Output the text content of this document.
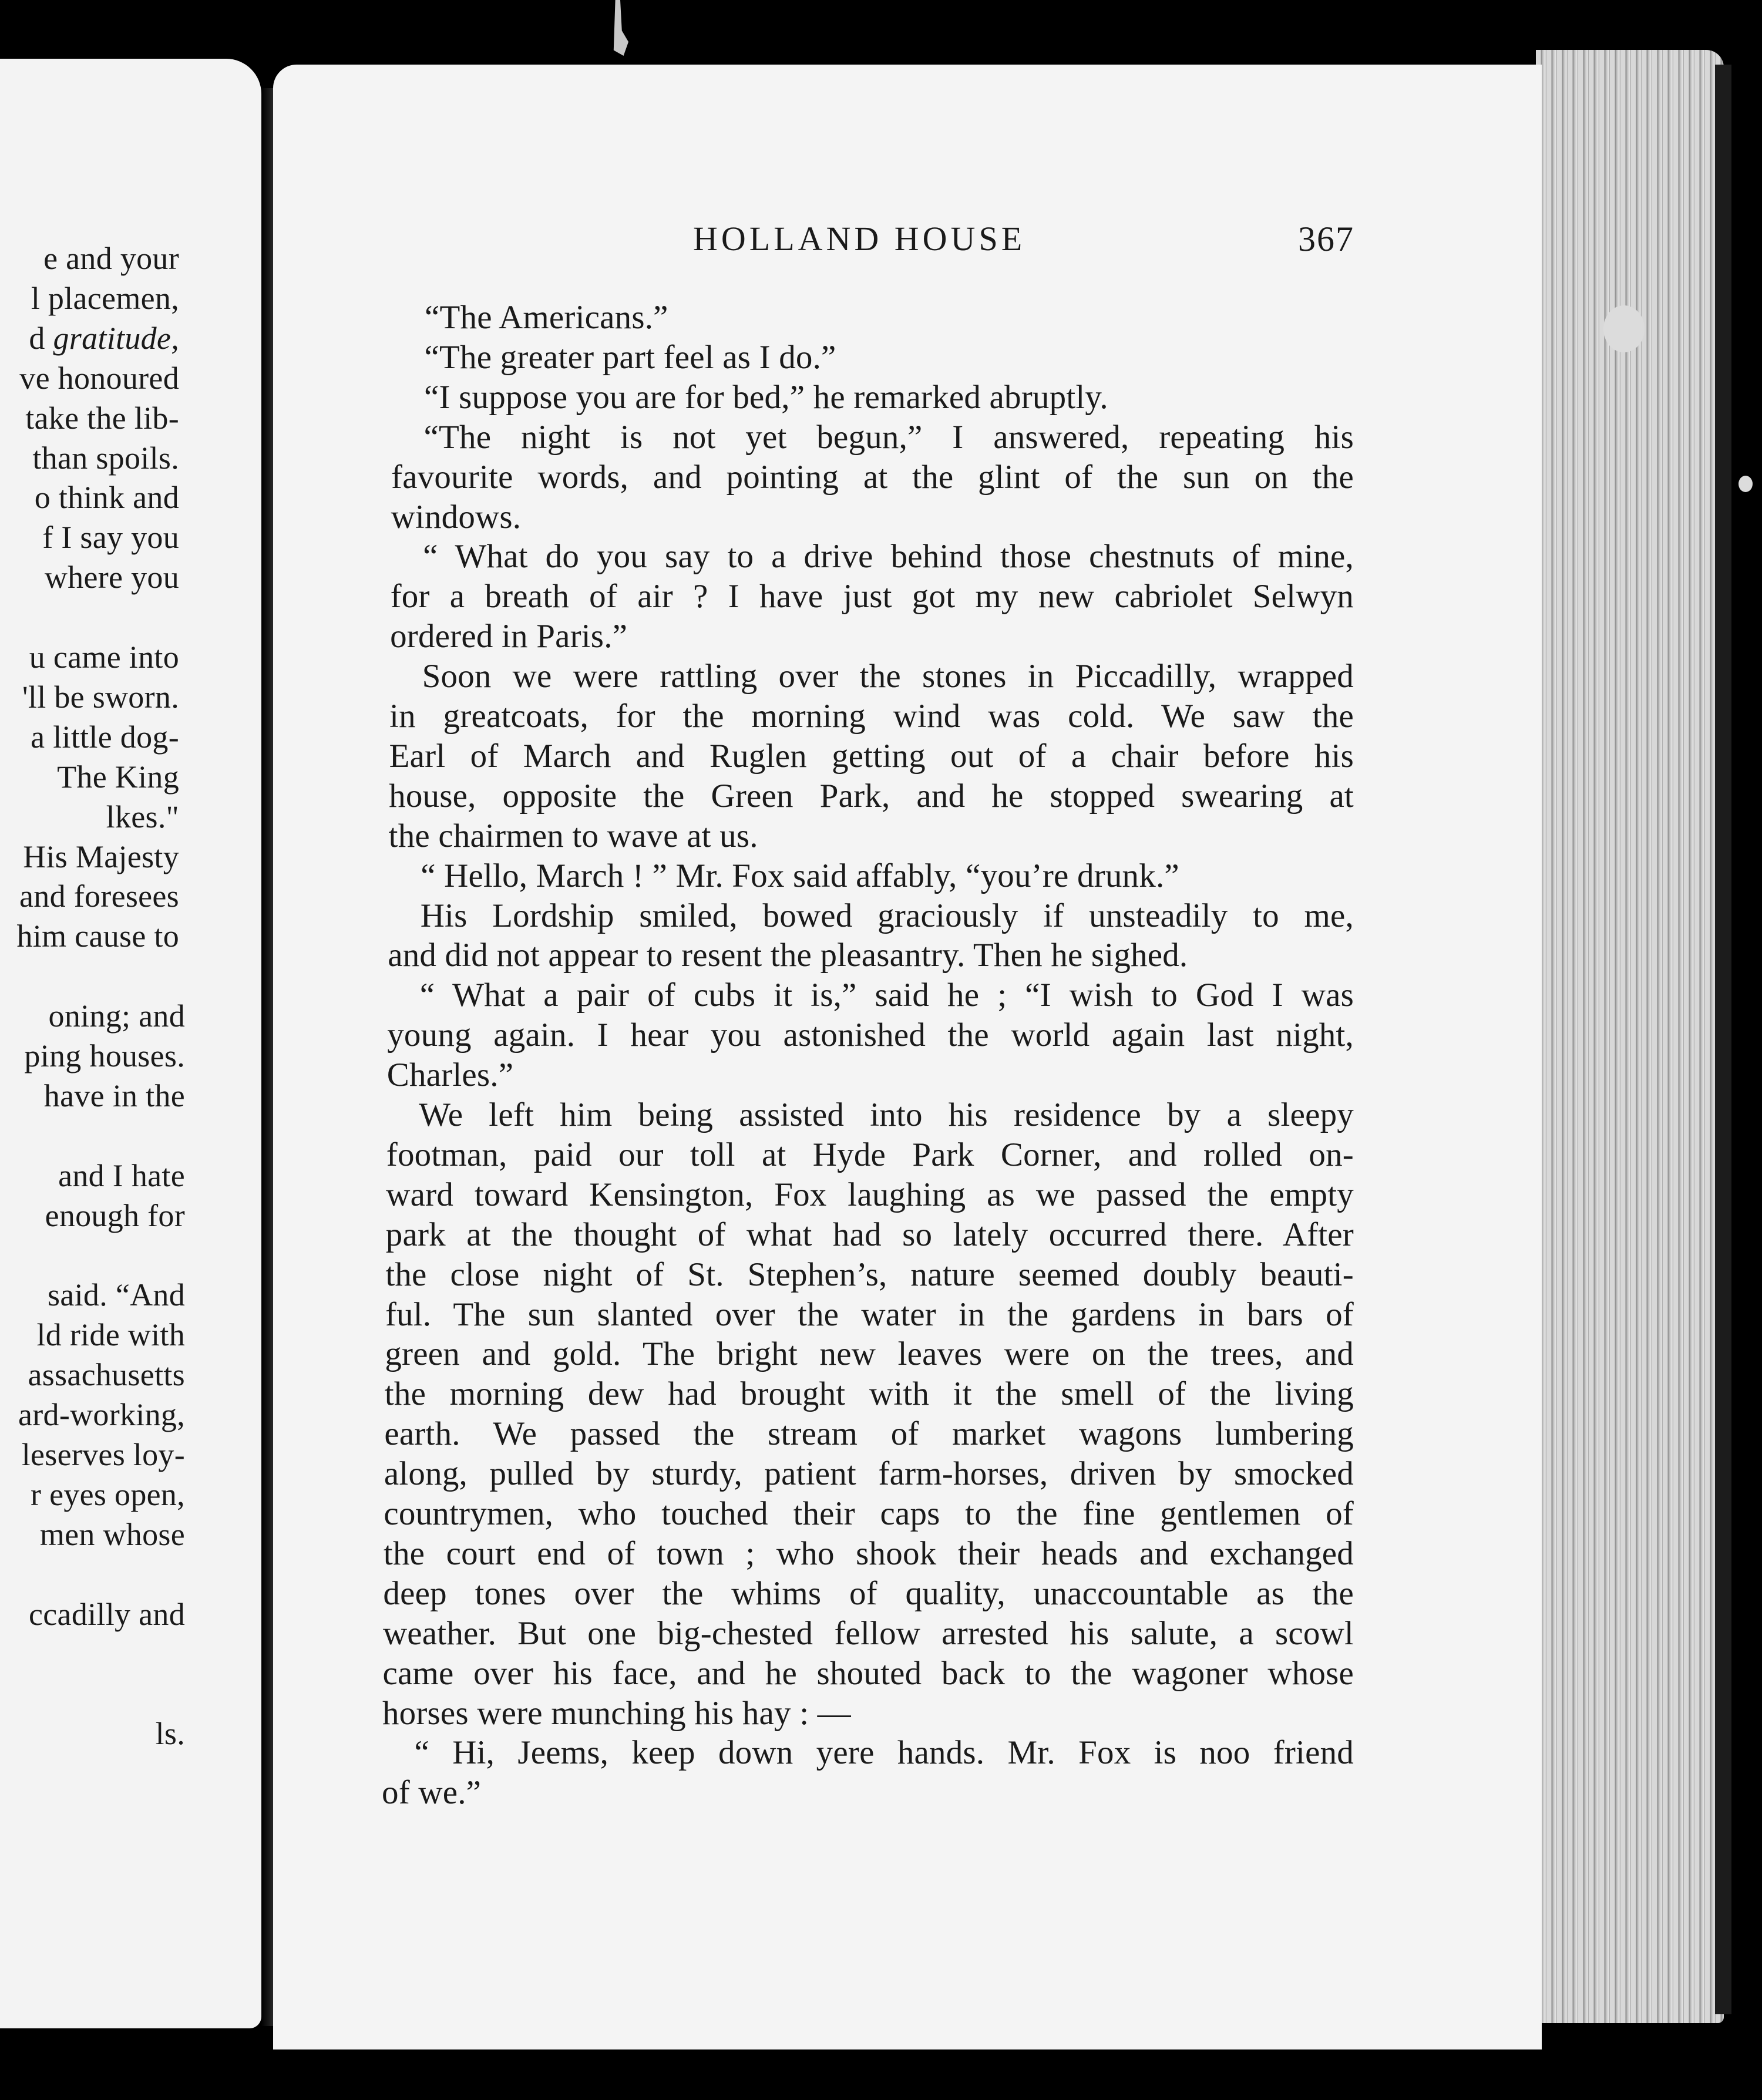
e and your
l placemen,
d gratitude,
ve honoured
take the lib-
than spoils.
o think and
f I say you
where you
u came into
'll be sworn.
a little dog-
The King
lkes."
His Majesty
and foresees
him cause to
oning; and
ping houses.
have in the
and I hate
enough for
said. “And
ld ride with
assachusetts
ard-working,
leserves loy-
r eyes open,
men whose
ccadilly and
ls.
HOLLAND HOUSE	367
“The Americans.”
“The greater part feel as I do.”
“I suppose you are for bed,” he remarked abruptly.
“The night is not yet begun,” I answered, repeating his
favourite words, and pointing at the glint of the sun on the
windows.
“ What do you say to a drive behind those chestnuts of mine,
for a breath of air ? I have just got my new cabriolet Selwyn
ordered in Paris.”
Soon we were rattling over the stones in Piccadilly, wrapped
in greatcoats, for the morning wind was cold. We saw the
Earl of March and Ruglen getting out of a chair before his
house, opposite the Green Park, and he stopped swearing at
the chairmen to wave at us.
“ Hello, March ! ” Mr. Fox said affably, “you’re drunk.”
His Lordship smiled, bowed graciously if unsteadily to me,
and did not appear to resent the pleasantry. Then he sighed.
“ What a pair of cubs it is,” said he ; “I wish to God I was
young again. I hear you astonished the world again last night,
Charles.”
We left him being assisted into his residence by a sleepy
footman, paid our toll at Hyde Park Corner, and rolled on-
ward toward Kensington, Fox laughing as we passed the empty
park at the thought of what had so lately occurred there. After
the close night of St. Stephen’s, nature seemed doubly beauti-
ful. The sun slanted over the water in the gardens in bars of
green and gold. The bright new leaves were on the trees, and
the morning dew had brought with it the smell of the living
earth. We passed the stream of market wagons lumbering
along, pulled by sturdy, patient farm-horses, driven by smocked
countrymen, who touched their caps to the fine gentlemen of
the court end of town ; who shook their heads and exchanged
deep tones over the whims of quality, unaccountable as the
weather. But one big-chested fellow arrested his salute, a scowl
came over his face, and he shouted back to the wagoner whose
horses were munching his hay : —
“ Hi, Jeems, keep down yere hands. Mr. Fox is noo friend
of we.”
